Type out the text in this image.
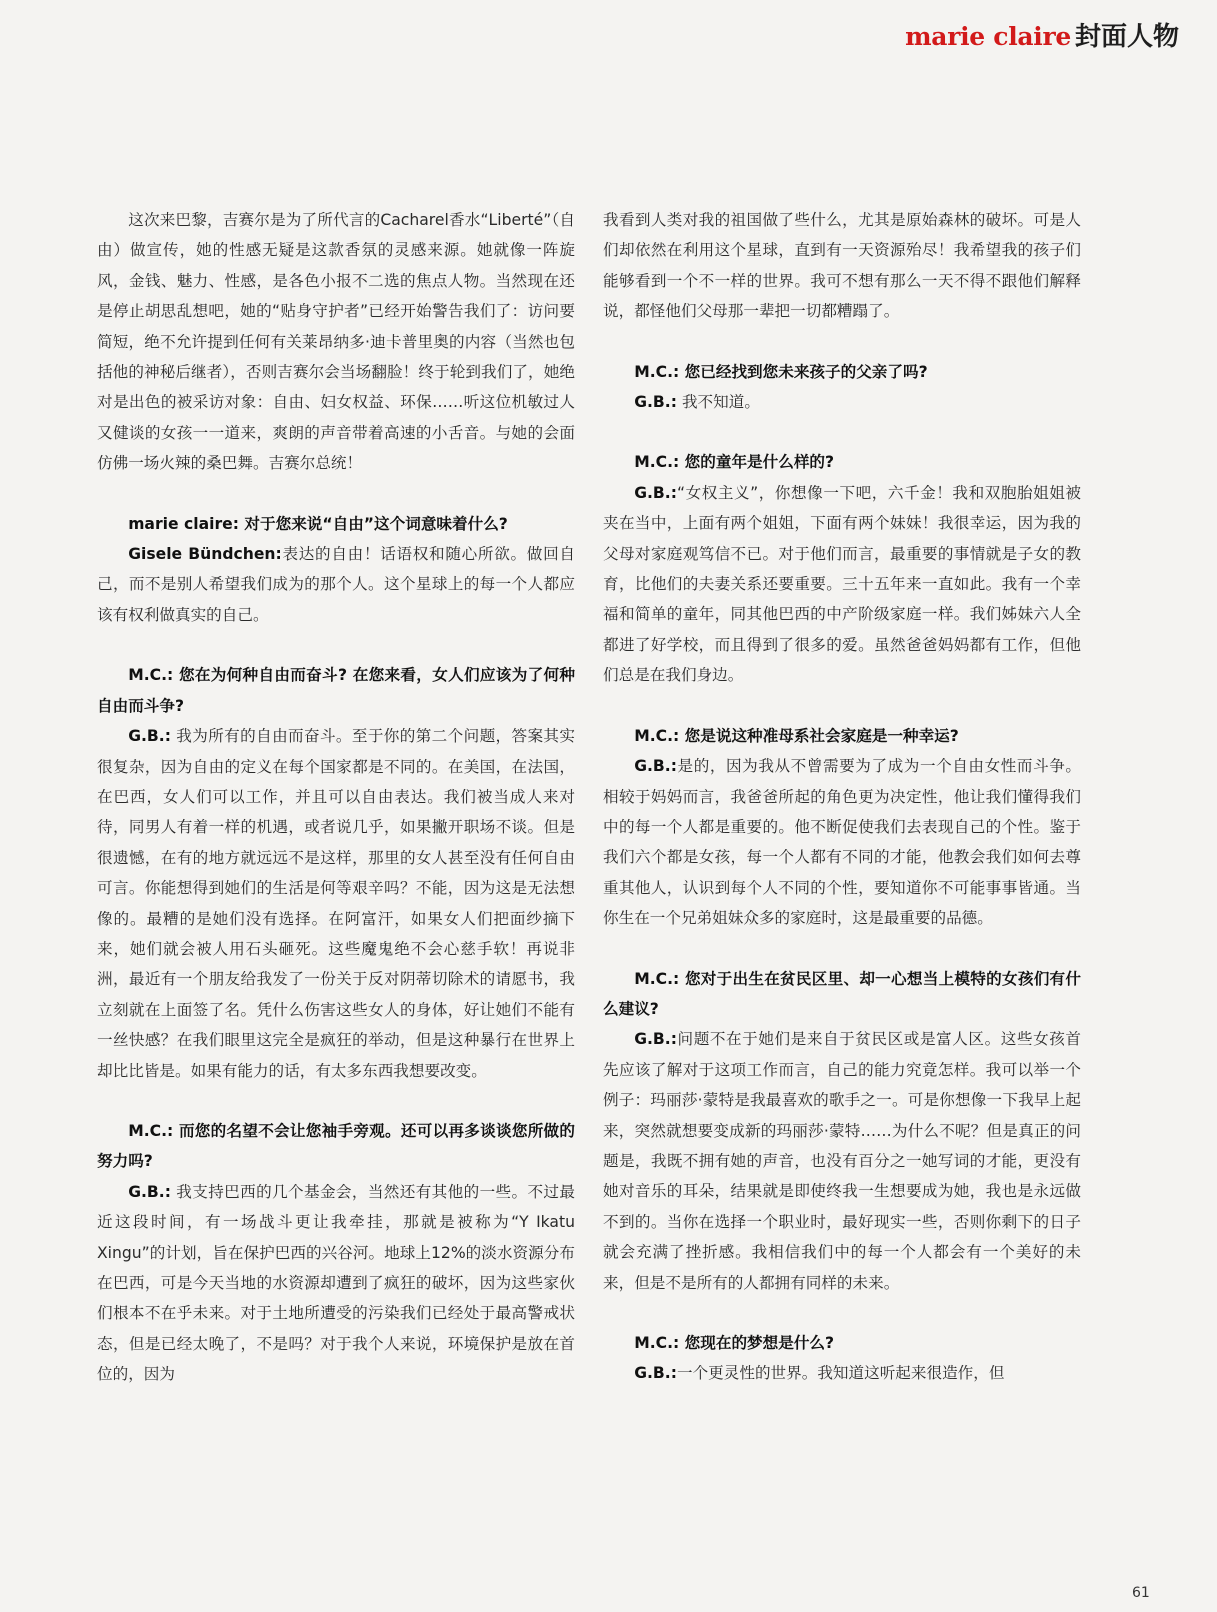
marie claire 封面人物

这次来巴黎，吉赛尔是为了所代言的Cacharel香水“Liberté”（自由）做宣传，她的性感无疑是这款香氛的灵感来源。她就像一阵旋风，金钱、魅力、性感，是各色小报不二选的焦点人物。当然现在还是停止胡思乱想吧，她的“贴身守护者”已经开始警告我们了：访问要简短，绝不允许提到任何有关莱昂纳多·迪卡普里奥的内容（当然也包括他的神秘后继者），否则吉赛尔会当场翻脸！终于轮到我们了，她绝对是出色的被采访对象：自由、妇女权益、环保……听这位机敏过人又健谈的女孩一一道来，爽朗的声音带着高速的小舌音。与她的会面仿佛一场火辣的桑巴舞。吉赛尔总统！

marie claire: 对于您来说“自由”这个词意味着什么?

Gisele Bündchen:表达的自由！话语权和随心所欲。做回自己，而不是别人希望我们成为的那个人。这个星球上的每一个人都应该有权利做真实的自己。

M.C.: 您在为何种自由而奋斗? 在您来看，女人们应该为了何种自由而斗争?

G.B.: 我为所有的自由而奋斗。至于你的第二个问题，答案其实很复杂，因为自由的定义在每个国家都是不同的。在美国，在法国，在巴西，女人们可以工作，并且可以自由表达。我们被当成人来对待，同男人有着一样的机遇，或者说几乎，如果撇开职场不谈。但是很遗憾，在有的地方就远远不是这样，那里的女人甚至没有任何自由可言。你能想得到她们的生活是何等艰辛吗？不能，因为这是无法想像的。最糟的是她们没有选择。在阿富汗，如果女人们把面纱摘下来，她们就会被人用石头砸死。这些魔鬼绝不会心慈手软！再说非洲，最近有一个朋友给我发了一份关于反对阴蒂切除术的请愿书，我立刻就在上面签了名。凭什么伤害这些女人的身体，好让她们不能有一丝快感？在我们眼里这完全是疯狂的举动，但是这种暴行在世界上却比比皆是。如果有能力的话，有太多东西我想要改变。

M.C.: 而您的名望不会让您袖手旁观。还可以再多谈谈您所做的努力吗?

G.B.: 我支持巴西的几个基金会，当然还有其他的一些。不过最近这段时间，有一场战斗更让我牵挂，那就是被称为“Y Ikatu Xingu”的计划，旨在保护巴西的兴谷河。地球上12%的淡水资源分布在巴西，可是今天当地的水资源却遭到了疯狂的破坏，因为这些家伙们根本不在乎未来。对于土地所遭受的污染我们已经处于最高警戒状态，但是已经太晚了，不是吗？对于我个人来说，环境保护是放在首位的，因为

我看到人类对我的祖国做了些什么，尤其是原始森林的破坏。可是人们却依然在利用这个星球，直到有一天资源殆尽！我希望我的孩子们能够看到一个不一样的世界。我可不想有那么一天不得不跟他们解释说，都怪他们父母那一辈把一切都糟蹋了。

M.C.: 您已经找到您未来孩子的父亲了吗?

G.B.: 我不知道。

M.C.: 您的童年是什么样的?

G.B.:“女权主义”，你想像一下吧，六千金！我和双胞胎姐姐被夹在当中，上面有两个姐姐，下面有两个妹妹！我很幸运，因为我的父母对家庭观笃信不已。对于他们而言，最重要的事情就是子女的教育，比他们的夫妻关系还要重要。三十五年来一直如此。我有一个幸福和简单的童年，同其他巴西的中产阶级家庭一样。我们姊妹六人全都进了好学校，而且得到了很多的爱。虽然爸爸妈妈都有工作，但他们总是在我们身边。

M.C.: 您是说这种准母系社会家庭是一种幸运?

G.B.:是的，因为我从不曾需要为了成为一个自由女性而斗争。相较于妈妈而言，我爸爸所起的角色更为决定性，他让我们懂得我们中的每一个人都是重要的。他不断促使我们去表现自己的个性。鉴于我们六个都是女孩，每一个人都有不同的才能，他教会我们如何去尊重其他人，认识到每个人不同的个性，要知道你不可能事事皆通。当你生在一个兄弟姐妹众多的家庭时，这是最重要的品德。

M.C.: 您对于出生在贫民区里、却一心想当上模特的女孩们有什么建议?

G.B.:问题不在于她们是来自于贫民区或是富人区。这些女孩首先应该了解对于这项工作而言，自己的能力究竟怎样。我可以举一个例子：玛丽莎·蒙特是我最喜欢的歌手之一。可是你想像一下我早上起来，突然就想要变成新的玛丽莎·蒙特……为什么不呢？但是真正的问题是，我既不拥有她的声音，也没有百分之一她写词的才能，更没有她对音乐的耳朵，结果就是即使终我一生想要成为她，我也是永远做不到的。当你在选择一个职业时，最好现实一些，否则你剩下的日子就会充满了挫折感。我相信我们中的每一个人都会有一个美好的未来，但是不是所有的人都拥有同样的未来。

M.C.: 您现在的梦想是什么?

G.B.:一个更灵性的世界。我知道这听起来很造作，但

61
